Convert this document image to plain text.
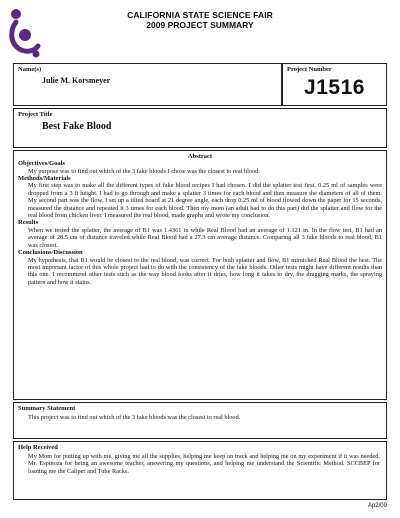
CALIFORNIA STATE SCIENCE FAIR
2009 PROJECT SUMMARY
Name(s)
Julie M. Korsmeyer
Project Number
J1516
Project Title
Best Fake Blood
Abstract
Objectives/Goals
My purpose was to find out which of the 3 fake bloods I chose was the closest to real blood.
Methods/Materials
My first step was to make all the different types of fake blood recipes I had chosen. I did the splatter test first. 0.25 ml of samples were dropped from a 3 ft height. I had to go through and make a splatter 3 times for each blood and then measure the diameters of all of them. My second part was the flow. I set up a tilted board at 21 degree angle, each drop 0.25 ml of blood flowed down the paper for 15 seconds, measured the distance and repeated it 3 times for each blood. Then my mom (an adult had to do this part) did the splatter and flow for the real blood from chicken liver. I measured the real blood, made graphs and wrote my conclusion.
Results
When we tested the splatter, the average of B1 was 1.4361 in while Real Blood had an average of 1.121 in. In the flow test, B1 had an average of 28.5 cm of distance traveled while Real Blood had a 27.3 cm average distance. Comparing all 3 fake bloods to real blood, B1 was closest.
Conclusions/Discussion
My hypothesis, that B1 would be closest to the real blood, was correct. For both splatter and flow, B1 mimicked Real Blood the best. The most important factor of this whole project had to do with the consistency of the fake bloods. Other tests might have different results than this one. I recommend other tests such as the way blood looks after it dries, how long it takes to dry, the dragging marks, the spraying pattern and how it stains.
Summary Statement
This project was to find out which of the 3 fake bloods was the closest to real blood.
Help Received
My Mom for putting up with me, giving me all the supplies, helping me keep on track and helping me on my experiment if it was needed. Mr. Espinoza for being an awesome teacher, answering my questions, and helping me understand the Scientific Method. SCCBEP for loaning me the Caliper and Tube Racks.
Ap2/09
